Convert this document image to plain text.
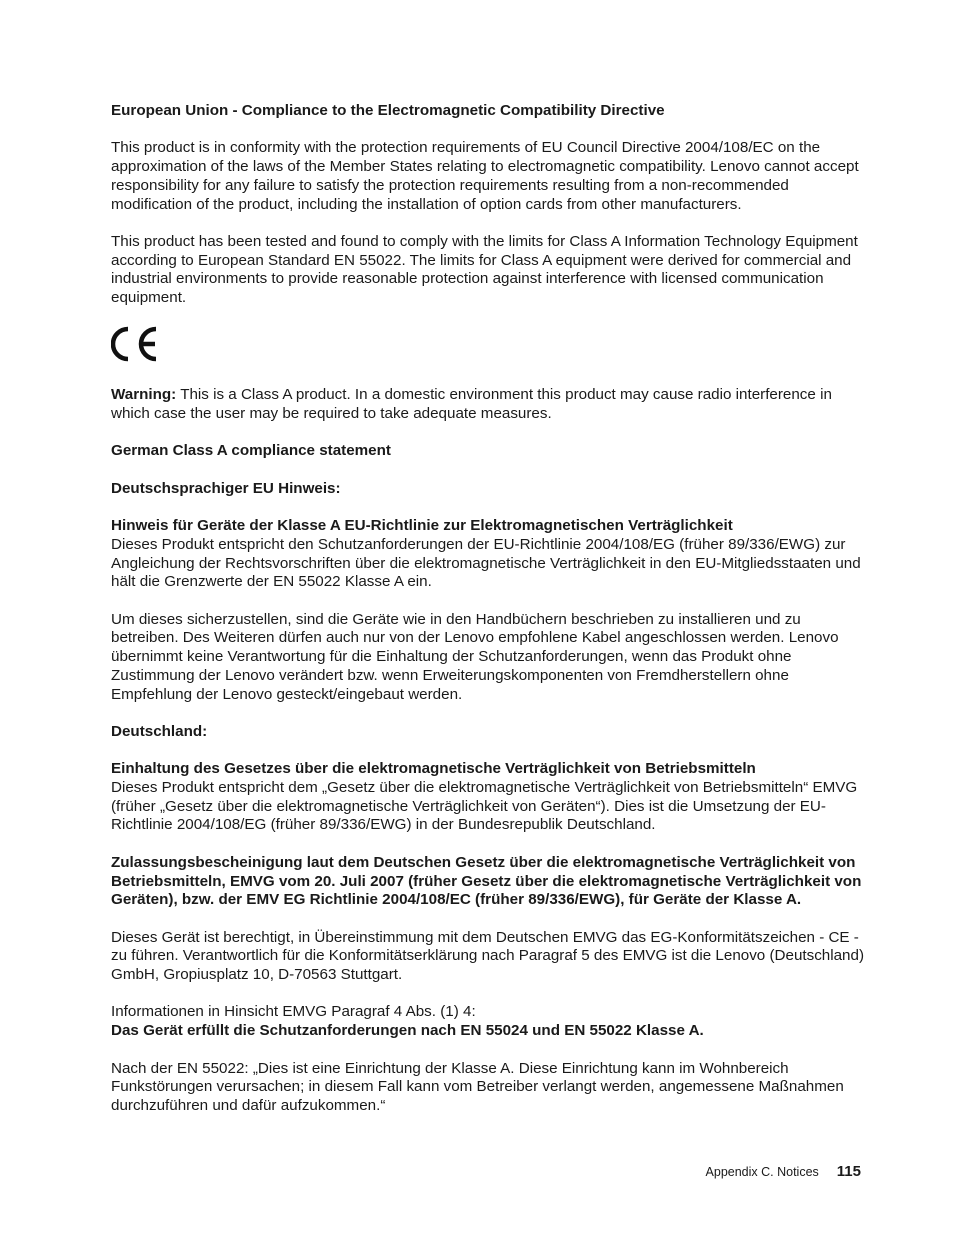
European Union - Compliance to the Electromagnetic Compatibility Directive

This product is in conformity with the protection requirements of EU Council Directive 2004/108/EC on the approximation of the laws of the Member States relating to electromagnetic compatibility. Lenovo cannot accept responsibility for any failure to satisfy the protection requirements resulting from a non-recommended modification of the product, including the installation of option cards from other manufacturers.

This product has been tested and found to comply with the limits for Class A Information Technology Equipment according to European Standard EN 55022. The limits for Class A equipment were derived for commercial and industrial environments to provide reasonable protection against interference with licensed communication equipment.

Warning: This is a Class A product. In a domestic environment this product may cause radio interference in which case the user may be required to take adequate measures.

German Class A compliance statement

Deutschsprachiger EU Hinweis:

Hinweis für Geräte der Klasse A EU-Richtlinie zur Elektromagnetischen Verträglichkeit
Dieses Produkt entspricht den Schutzanforderungen der EU-Richtlinie 2004/108/EG (früher 89/336/EWG) zur Angleichung der Rechtsvorschriften über die elektromagnetische Verträglichkeit in den EU-Mitgliedsstaaten und hält die Grenzwerte der EN 55022 Klasse A ein.

Um dieses sicherzustellen, sind die Geräte wie in den Handbüchern beschrieben zu installieren und zu betreiben. Des Weiteren dürfen auch nur von der Lenovo empfohlene Kabel angeschlossen werden. Lenovo übernimmt keine Verantwortung für die Einhaltung der Schutzanforderungen, wenn das Produkt ohne Zustimmung der Lenovo verändert bzw. wenn Erweiterungskomponenten von Fremdherstellern ohne Empfehlung der Lenovo gesteckt/eingebaut werden.

Deutschland:

Einhaltung des Gesetzes über die elektromagnetische Verträglichkeit von Betriebsmitteln
Dieses Produkt entspricht dem „Gesetz über die elektromagnetische Verträglichkeit von Betriebsmitteln“ EMVG (früher „Gesetz über die elektromagnetische Verträglichkeit von Geräten“). Dies ist die Umsetzung der EU-Richtlinie 2004/108/EG (früher 89/336/EWG) in der Bundesrepublik Deutschland.

Zulassungsbescheinigung laut dem Deutschen Gesetz über die elektromagnetische Verträglichkeit von Betriebsmitteln, EMVG vom 20. Juli 2007 (früher Gesetz über die elektromagnetische Verträglichkeit von Geräten), bzw. der EMV EG Richtlinie 2004/108/EC (früher 89/336/EWG), für Geräte der Klasse A.

Dieses Gerät ist berechtigt, in Übereinstimmung mit dem Deutschen EMVG das EG-Konformitätszeichen - CE - zu führen. Verantwortlich für die Konformitätserklärung nach Paragraf 5 des EMVG ist die Lenovo (Deutschland) GmbH, Gropiusplatz 10, D-70563 Stuttgart.

Informationen in Hinsicht EMVG Paragraf 4 Abs. (1) 4:
Das Gerät erfüllt die Schutzanforderungen nach EN 55024 und EN 55022 Klasse A.

Nach der EN 55022: „Dies ist eine Einrichtung der Klasse A. Diese Einrichtung kann im Wohnbereich Funkstörungen verursachen; in diesem Fall kann vom Betreiber verlangt werden, angemessene Maßnahmen durchzuführen und dafür aufzukommen.“

Appendix C. Notices 115
